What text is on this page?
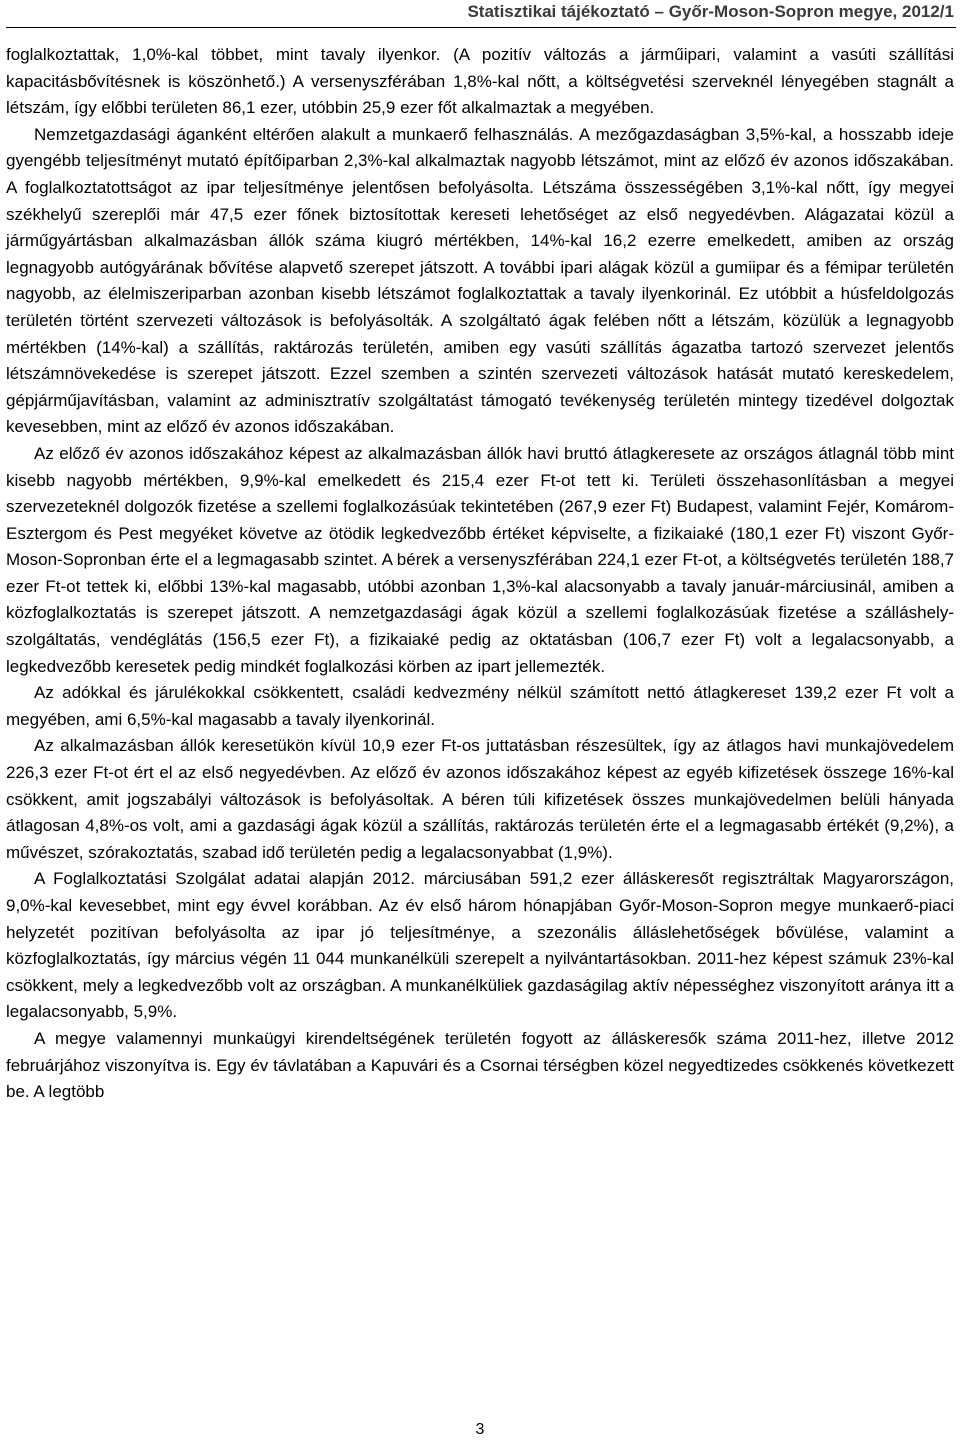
Statisztikai tájékoztató – Győr-Moson-Sopron megye, 2012/1

foglalkoztattak, 1,0%-kal többet, mint tavaly ilyenkor. (A pozitív változás a járműipari, valamint a vasúti szállítási kapacitásbővítésnek is köszönhető.) A versenyszférában 1,8%-kal nőtt, a költségvetési szerveknél lényegében stagnált a létszám, így előbbi területen 86,1 ezer, utóbbin 25,9 ezer főt alkalmaztak a megyében.

Nemzetgazdasági áganként eltérően alakult a munkaerő felhasználás. A mezőgazdaságban 3,5%-kal, a hosszabb ideje gyengébb teljesítményt mutató építőiparban 2,3%-kal alkalmaztak nagyobb létszámot, mint az előző év azonos időszakában. A foglalkoztatottságot az ipar teljesítménye jelentősen befolyásolta. Létszáma összességében 3,1%-kal nőtt, így megyei székhelyű szereplői már 47,5 ezer főnek biztosítottak kereseti lehetőséget az első negyedévben. Alágazatai közül a járműgyártásban alkalmazásban állók száma kiugró mértékben, 14%-kal 16,2 ezerre emelkedett, amiben az ország legnagyobb autógyárának bővítése alapvető szerepet játszott. A további ipari alágak közül a gumiipar és a fémipar területén nagyobb, az élelmiszeriparban azonban kisebb létszámot foglalkoztattak a tavaly ilyenkorinál. Ez utóbbit a húsfeldolgozás területén történt szervezeti változások is befolyásolták. A szolgáltató ágak felében nőtt a létszám, közülük a legnagyobb mértékben (14%-kal) a szállítás, raktározás területén, amiben egy vasúti szállítás ágazatba tartozó szervezet jelentős létszámnövekedése is szerepet játszott. Ezzel szemben a szintén szervezeti változások hatását mutató kereskedelem, gépjárműjavításban, valamint az adminisztratív szolgáltatást támogató tevékenység területén mintegy tizedével dolgoztak kevesebben, mint az előző év azonos időszakában.

Az előző év azonos időszakához képest az alkalmazásban állók havi bruttó átlagkeresete az országos átlagnál több mint kisebb nagyobb mértékben, 9,9%-kal emelkedett és 215,4 ezer Ft-ot tett ki. Területi összehasonlításban a megyei szervezeteknél dolgozók fizetése a szellemi foglalkozásúak tekintetében (267,9 ezer Ft) Budapest, valamint Fejér, Komárom-Esztergom és Pest megyéket követve az ötödik legkedvezőbb értéket képviselte, a fizikaiaké (180,1 ezer Ft) viszont Győr-Moson-Sopronban érte el a legmagasabb szintet. A bérek a versenyszférában 224,1 ezer Ft-ot, a költségvetés területén 188,7 ezer Ft-ot tettek ki, előbbi 13%-kal magasabb, utóbbi azonban 1,3%-kal alacsonyabb a tavaly január-márciusinál, amiben a közfoglalkoztatás is szerepet játszott. A nemzetgazdasági ágak közül a szellemi foglalkozásúak fizetése a szálláshely-szolgáltatás, vendéglátás (156,5 ezer Ft), a fizikaiaké pedig az oktatásban (106,7 ezer Ft) volt a legalacsonyabb, a legkedvezőbb keresetek pedig mindkét foglalkozási körben az ipart jellemezték.

Az adókkal és járulékokkal csökkentett, családi kedvezmény nélkül számított nettó átlagkereset 139,2 ezer Ft volt a megyében, ami 6,5%-kal magasabb a tavaly ilyenkorinál.

Az alkalmazásban állók keresetükön kívül 10,9 ezer Ft-os juttatásban részesültek, így az átlagos havi munkajövedelem 226,3 ezer Ft-ot ért el az első negyedévben. Az előző év azonos időszakához képest az egyéb kifizetések összege 16%-kal csökkent, amit jogszabályi változások is befolyásoltak. A béren túli kifizetések összes munkajövedelmen belüli hányada átlagosan 4,8%-os volt, ami a gazdasági ágak közül a szállítás, raktározás területén érte el a legmagasabb értékét (9,2%), a művészet, szórakoztatás, szabad idő területén pedig a legalacsonyabbat (1,9%).

A Foglalkoztatási Szolgálat adatai alapján 2012. márciusában 591,2 ezer álláskeresőt regisztráltak Magyarországon, 9,0%-kal kevesebbet, mint egy évvel korábban. Az év első három hónapjában Győr-Moson-Sopron megye munkaerő-piaci helyzetét pozitívan befolyásolta az ipar jó teljesítménye, a szezonális álláslehetőségek bővülése, valamint a közfoglalkoztatás, így március végén 11 044 munkanélküli szerepelt a nyilvántartásokban. 2011-hez képest számuk 23%-kal csökkent, mely a legkedvezőbb volt az országban. A munkanélküliek gazdaságilag aktív népességhez viszonyított aránya itt a legalacsonyabb, 5,9%.

A megye valamennyi munkaügyi kirendeltségének területén fogyott az álláskeresők száma 2011-hez, illetve 2012 februárjához viszonyítva is. Egy év távlatában a Kapuvári és a Csornai térségben közel negyedtizedes csökkenés következett be. A legtöbb

3
